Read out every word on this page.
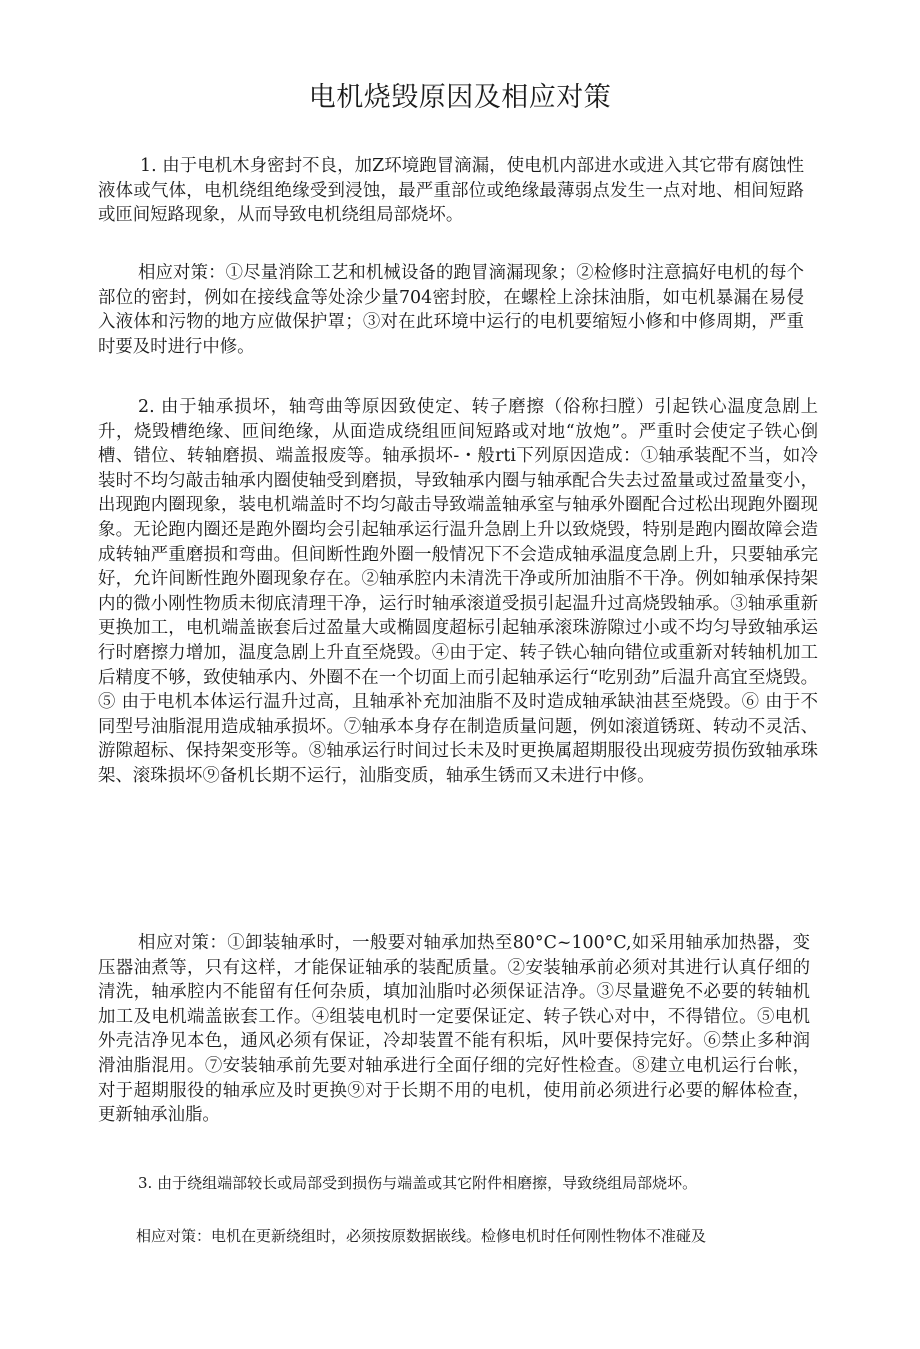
电机烧毁原因及相应对策

1. 由于电机木身密封不良，加Z环境跑冒滴漏，使电机内部进水或进入其它带有腐蚀性液体或气体，电机绕组绝缘受到浸蚀，最严重部位或绝缘最薄弱点发生一点对地、相间短路或匝间短路现象，从而导致电机绕组局部烧坏。

相应对策：①尽量消除工艺和机械设备的跑冒滴漏现象；②检修时注意搞好电机的每个部位的密封，例如在接线盒等处涂少量704密封胶，在螺栓上涂抹油脂，如屯机暴漏在易侵入液体和污物的地方应做保护罩；③对在此环境中运行的电机要缩短小修和中修周期，严重时要及时进行中修。

2. 由于轴承损坏，轴弯曲等原因致使定、转子磨擦（俗称扫膛）引起铁心温度急剧上升，烧毁槽绝缘、匝间绝缘，从面造成绕组匝间短路或对地“放炮”。严重时会使定子铁心倒槽、错位、转轴磨损、端盖报废等。轴承损坏-・般rti下列原因造成：①轴承装配不当，如冷装时不均匀敲击轴承内圈使轴受到磨损，导致轴承内圈与轴承配合失去过盈量或过盈量变小，出现跑内圈现象，装电机端盖时不均匀敲击导致端盖轴承室与轴承外圈配合过松出现跑外圈现象。无论跑内圈还是跑外圈均会引起轴承运行温升急剧上升以致烧毁，特别是跑内圈故障会造成转轴严重磨损和弯曲。但间断性跑外圈一般情况下不会造成轴承温度急剧上升，只要轴承完好，允许间断性跑外圈现象存在。②轴承腔内未清洗干净或所加油脂不干净。例如轴承保持架内的微小刚性物质未彻底清理干净，运行时轴承滚道受损引起温升过高烧毁轴承。③轴承重新更换加工，电机端盖嵌套后过盈量大或椭圆度超标引起轴承滚珠游隙过小或不均匀导致轴承运行时磨擦力增加，温度急剧上升直至烧毁。④由于定、转子铁心轴向错位或重新对转轴机加工后精度不够，致使轴承内、外圈不在一个切面上而引起轴承运行“吃别劲”后温升高宜至烧毁。⑤ 由于电机本体运行温升过高，且轴承补充加油脂不及时造成轴承缺油甚至烧毁。⑥ 由于不同型号油脂混用造成轴承损坏。⑦轴承本身存在制造质量问题，例如滚道锈斑、转动不灵活、游隙超标、保持架变形等。⑧轴承运行时间过长未及时更换属超期服役出现疲劳损伤致轴承珠架、滚珠损坏⑨备机长期不运行，汕脂变质，轴承生锈而又未进行中修。

相应对策：①卸装轴承时，一般要对轴承加热至80°C~100°C,如采用轴承加热器，变压器油煮等，只有这样，才能保证轴承的装配质量。②安装轴承前必须对其进行认真仔细的清洗，轴承腔内不能留有任何杂质，填加汕脂吋必须保证洁净。③尽量避免不必要的转轴机加工及电机端盖嵌套工作。④组装电机时一定要保证定、转子铁心对中，不得错位。⑤电机外壳洁净见本色，通风必须有保证，冷却装置不能有积垢，风叶要保持完好。⑥禁止多种润滑油脂混用。⑦安装轴承前先要对轴承进行全面仔细的完好性检查。⑧建立电机运行台帐，对于超期服役的轴承应及时更换⑨对于长期不用的电机，使用前必须进行必要的解体检查，更新轴承汕脂。

3. 由于绕组端部较长或局部受到损伤与端盖或其它附件相磨擦，导致绕组局部烧坏。

相应对策：电机在更新绕组时，必须按原数据嵌线。检修电机时任何刚性物体不准碰及
